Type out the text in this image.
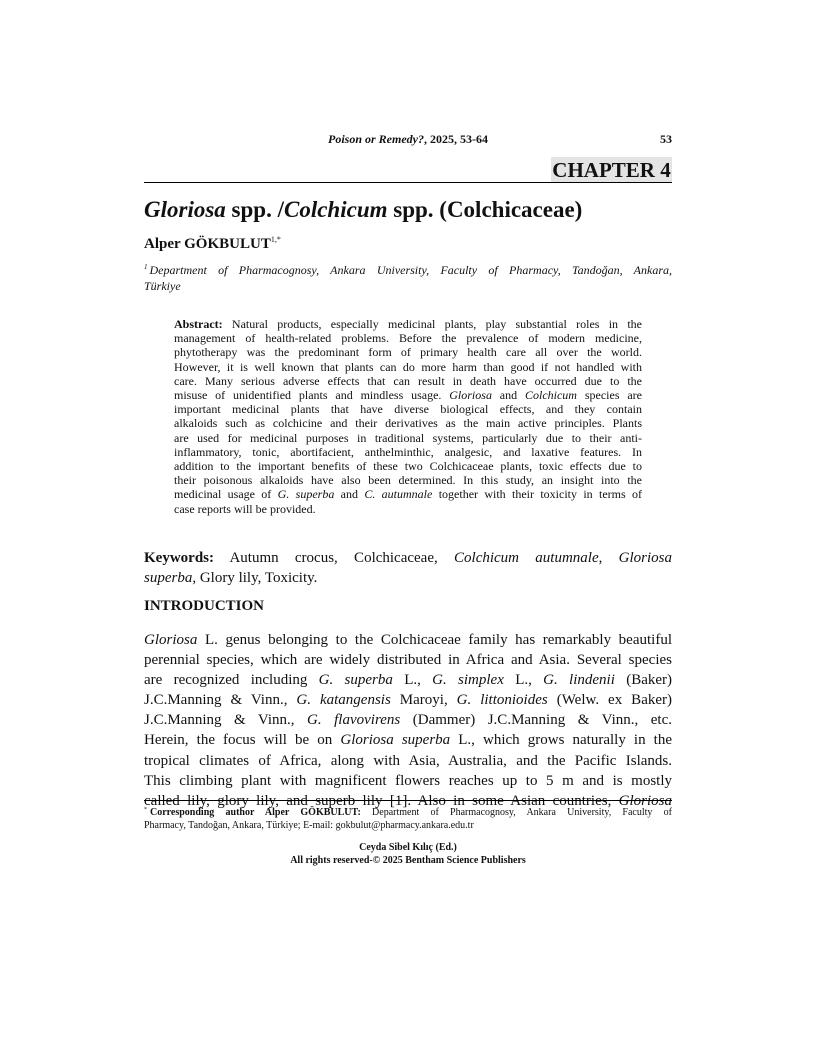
Poison or Remedy?, 2025, 53-64	53
CHAPTER 4
Gloriosa spp. /Colchicum spp. (Colchicaceae)
Alper $GÖKBULUT^{1,*}$
$^1$ Department of Pharmacognosy, Ankara University, Faculty of Pharmacy, Tandoğan, Ankara,
Türkiye
Abstract: Natural products, especially medicinal plants, play substantial roles in the
management of health-related problems. Before the prevalence of modern medicine,
phytotherapy was the predominant form of primary health care all over the world.
However, it is well known that plants can do more harm than good if not handled with
care. Many serious adverse effects that can result in death have occurred due to the
misuse of unidentified plants and mindless usage. Gloriosa and Colchicum species are
important medicinal plants that have diverse biological effects, and they contain
alkaloids such as colchicine and their derivatives as the main active principles. Plants
are used for medicinal purposes in traditional systems, particularly due to their anti-
inflammatory, tonic, abortifacient, anthelminthic, analgesic, and laxative features. In
addition to the important benefits of these two Colchicaceae plants, toxic effects due to
their poisonous alkaloids have also been determined. In this study, an insight into the
medicinal usage of G. superba and C. autumnale together with their toxicity in terms of
case reports will be provided.
Keywords: Autumn crocus, Colchicaceae, Colchicum autumnale, Gloriosa
superba, Glory lily, Toxicity.
INTRODUCTION
Gloriosa L. genus belonging to the Colchicaceae family has remarkably beautiful
perennial species, which are widely distributed in Africa and Asia. Several species
are recognized including G. superba L., G. simplex L., G. lindenii (Baker)
J.C.Manning & Vinn., G. katangensis Maroyi, G. littonioides (Welw. ex Baker)
J.C.Manning & Vinn., G. flavovirens (Dammer) J.C.Manning & Vinn., etc.
Herein, the focus will be on Gloriosa superba L., which grows naturally in the
tropical climates of Africa, along with Asia, Australia, and the Pacific Islands.
This climbing plant with magnificent flowers reaches up to 5 m and is mostly
called lily, glory lily, and superb lily [1]. Also in some Asian countries, Gloriosa
* Corresponding author Alper GÖKBULUT: Department of Pharmacognosy, Ankara University, Faculty of
Pharmacy, Tandoğan, Ankara, Türkiye; E-mail: gokbulut@pharmacy.ankara.edu.tr
Ceyda Sibel Kılıç (Ed.)
All rights reserved-© 2025 Bentham Science Publishers
